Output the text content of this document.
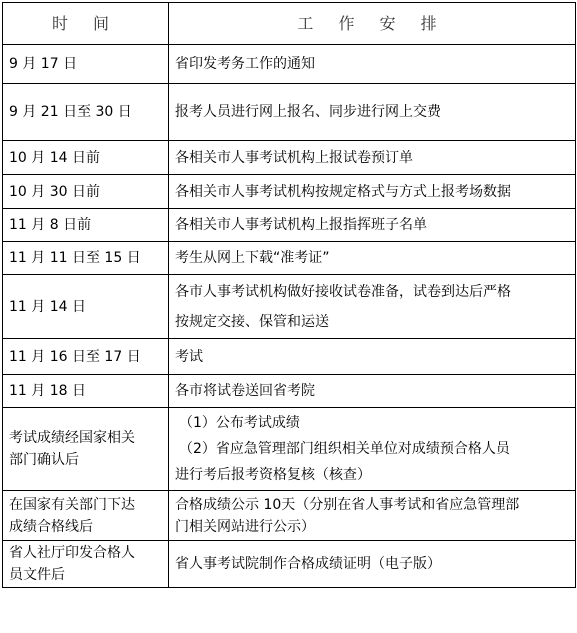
时 间	工 作 安 排
9 月 17 日	省印发考务工作的通知
9 月 21 日至 30 日	报考人员进行网上报名、同步进行网上交费
10 月 14 日前	各相关市人事考试机构上报试卷预订单
10 月 30 日前	各相关市人事考试机构按规定格式与方式上报考场数据
11 月 8 日前	各相关市人事考试机构上报指挥班子名单
11 月 11 日至 15 日	考生从网上下载“准考证”
11 月 14 日	各市人事考试机构做好接收试卷准备，试卷到达后严格
按规定交接、保管和运送

11 月 16 日至 17 日	考试
11 月 18 日	各市将试卷送回省考院

考试成绩经国家相关
部门确认后	（1）公布考试成绩
（2）省应急管理部门组织相关单位对成绩预合格人员
进行考后报考资格复核（核查）

在国家有关部门下达
成绩合格线后	合格成绩公示 10天（分别在省人事考试和省应急管理部
门相关网站进行公示）

省人社厅印发合格人
员文件后	省人事考试院制作合格成绩证明（电子版）
